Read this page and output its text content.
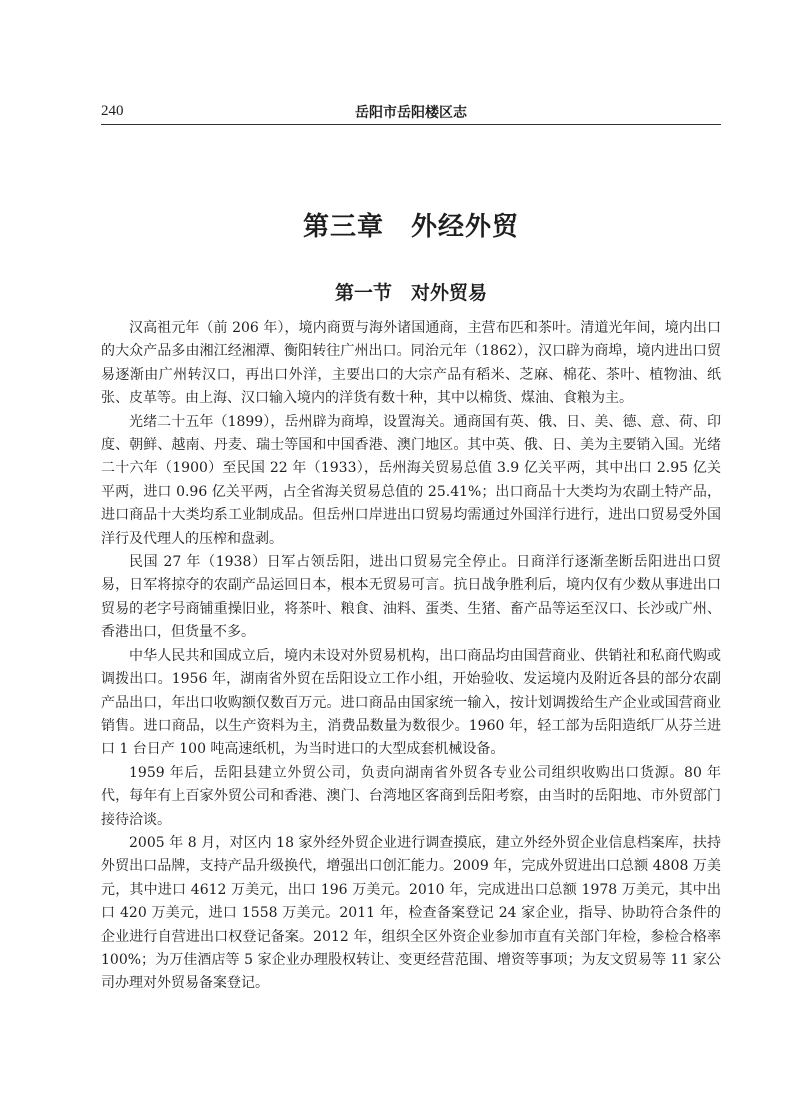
240	岳阳市岳阳楼区志
第三章　外经外贸
第一节　对外贸易

汉高祖元年（前 206 年），境内商贾与海外诸国通商，主营布匹和茶叶。清道光年间，境内出口的大众产品多由湘江经湘潭、衡阳转往广州出口。同治元年（1862），汉口辟为商埠，境内进出口贸易逐渐由广州转汉口，再出口外洋，主要出口的大宗产品有稻米、芝麻、棉花、茶叶、植物油、纸张、皮革等。由上海、汉口输入境内的洋货有数十种，其中以棉货、煤油、食粮为主。

光绪二十五年（1899），岳州辟为商埠，设置海关。通商国有英、俄、日、美、德、意、荷、印度、朝鲜、越南、丹麦、瑞士等国和中国香港、澳门地区。其中英、俄、日、美为主要销入国。光绪二十六年（1900）至民国 22 年（1933），岳州海关贸易总值 3.9 亿关平两，其中出口 2.95 亿关平两，进口 0.96 亿关平两，占全省海关贸易总值的 25.41%；出口商品十大类均为农副土特产品，进口商品十大类均系工业制成品。但岳州口岸进出口贸易均需通过外国洋行进行，进出口贸易受外国洋行及代理人的压榨和盘剥。

民国 27 年（1938）日军占领岳阳，进出口贸易完全停止。日商洋行逐渐垄断岳阳进出口贸易，日军将掠夺的农副产品运回日本，根本无贸易可言。抗日战争胜利后，境内仅有少数从事进出口贸易的老字号商铺重操旧业，将茶叶、粮食、油料、蛋类、生猪、畜产品等运至汉口、长沙或广州、香港出口，但货量不多。

中华人民共和国成立后，境内未设对外贸易机构，出口商品均由国营商业、供销社和私商代购或调拨出口。1956 年，湖南省外贸在岳阳设立工作小组，开始验收、发运境内及附近各县的部分农副产品出口，年出口收购额仅数百万元。进口商品由国家统一输入，按计划调拨给生产企业或国营商业销售。进口商品，以生产资料为主，消费品数量为数很少。1960 年，轻工部为岳阳造纸厂从芬兰进口 1 台日产 100 吨高速纸机，为当时进口的大型成套机械设备。

1959 年后，岳阳县建立外贸公司，负责向湖南省外贸各专业公司组织收购出口货源。80 年代，每年有上百家外贸公司和香港、澳门、台湾地区客商到岳阳考察，由当时的岳阳地、市外贸部门接待洽谈。

2005 年 8 月，对区内 18 家外经外贸企业进行调查摸底，建立外经外贸企业信息档案库，扶持外贸出口品牌，支持产品升级换代，增强出口创汇能力。2009 年，完成外贸进出口总额 4808 万美元，其中进口 4612 万美元，出口 196 万美元。2010 年，完成进出口总额 1978 万美元，其中出口 420 万美元，进口 1558 万美元。2011 年，检查备案登记 24 家企业，指导、协助符合条件的企业进行自营进出口权登记备案。2012 年，组织全区外资企业参加市直有关部门年检，参检合格率 100%；为万佳酒店等 5 家企业办理股权转让、变更经营范围、增资等事项；为友文贸易等 11 家公司办理对外贸易备案登记。
